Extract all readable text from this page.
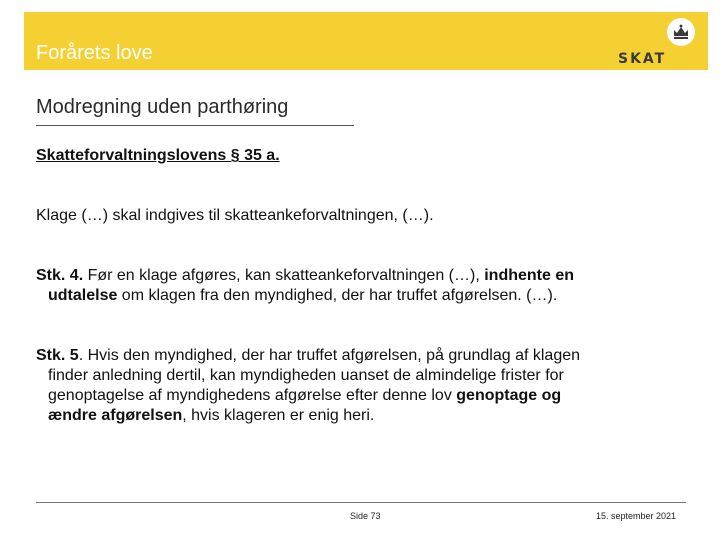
Forårets love	SKAT
Modregning uden parthøring
Skatteforvaltningslovens § 35 a.
Klage (…) skal indgives til skatteankeforvaltningen, (…).
Stk. 4. Før en klage afgøres, kan skatteankeforvaltningen (…), indhente en
udtalelse om klagen fra den myndighed, der har truffet afgørelsen. (…).
Stk. 5. Hvis den myndighed, der har truffet afgørelsen, på grundlag af klagen
finder anledning dertil, kan myndigheden uanset de almindelige frister for
genoptagelse af myndighedens afgørelse efter denne lov genoptage og
ændre afgørelsen, hvis klageren er enig heri.
Side 73	15. september 2021
